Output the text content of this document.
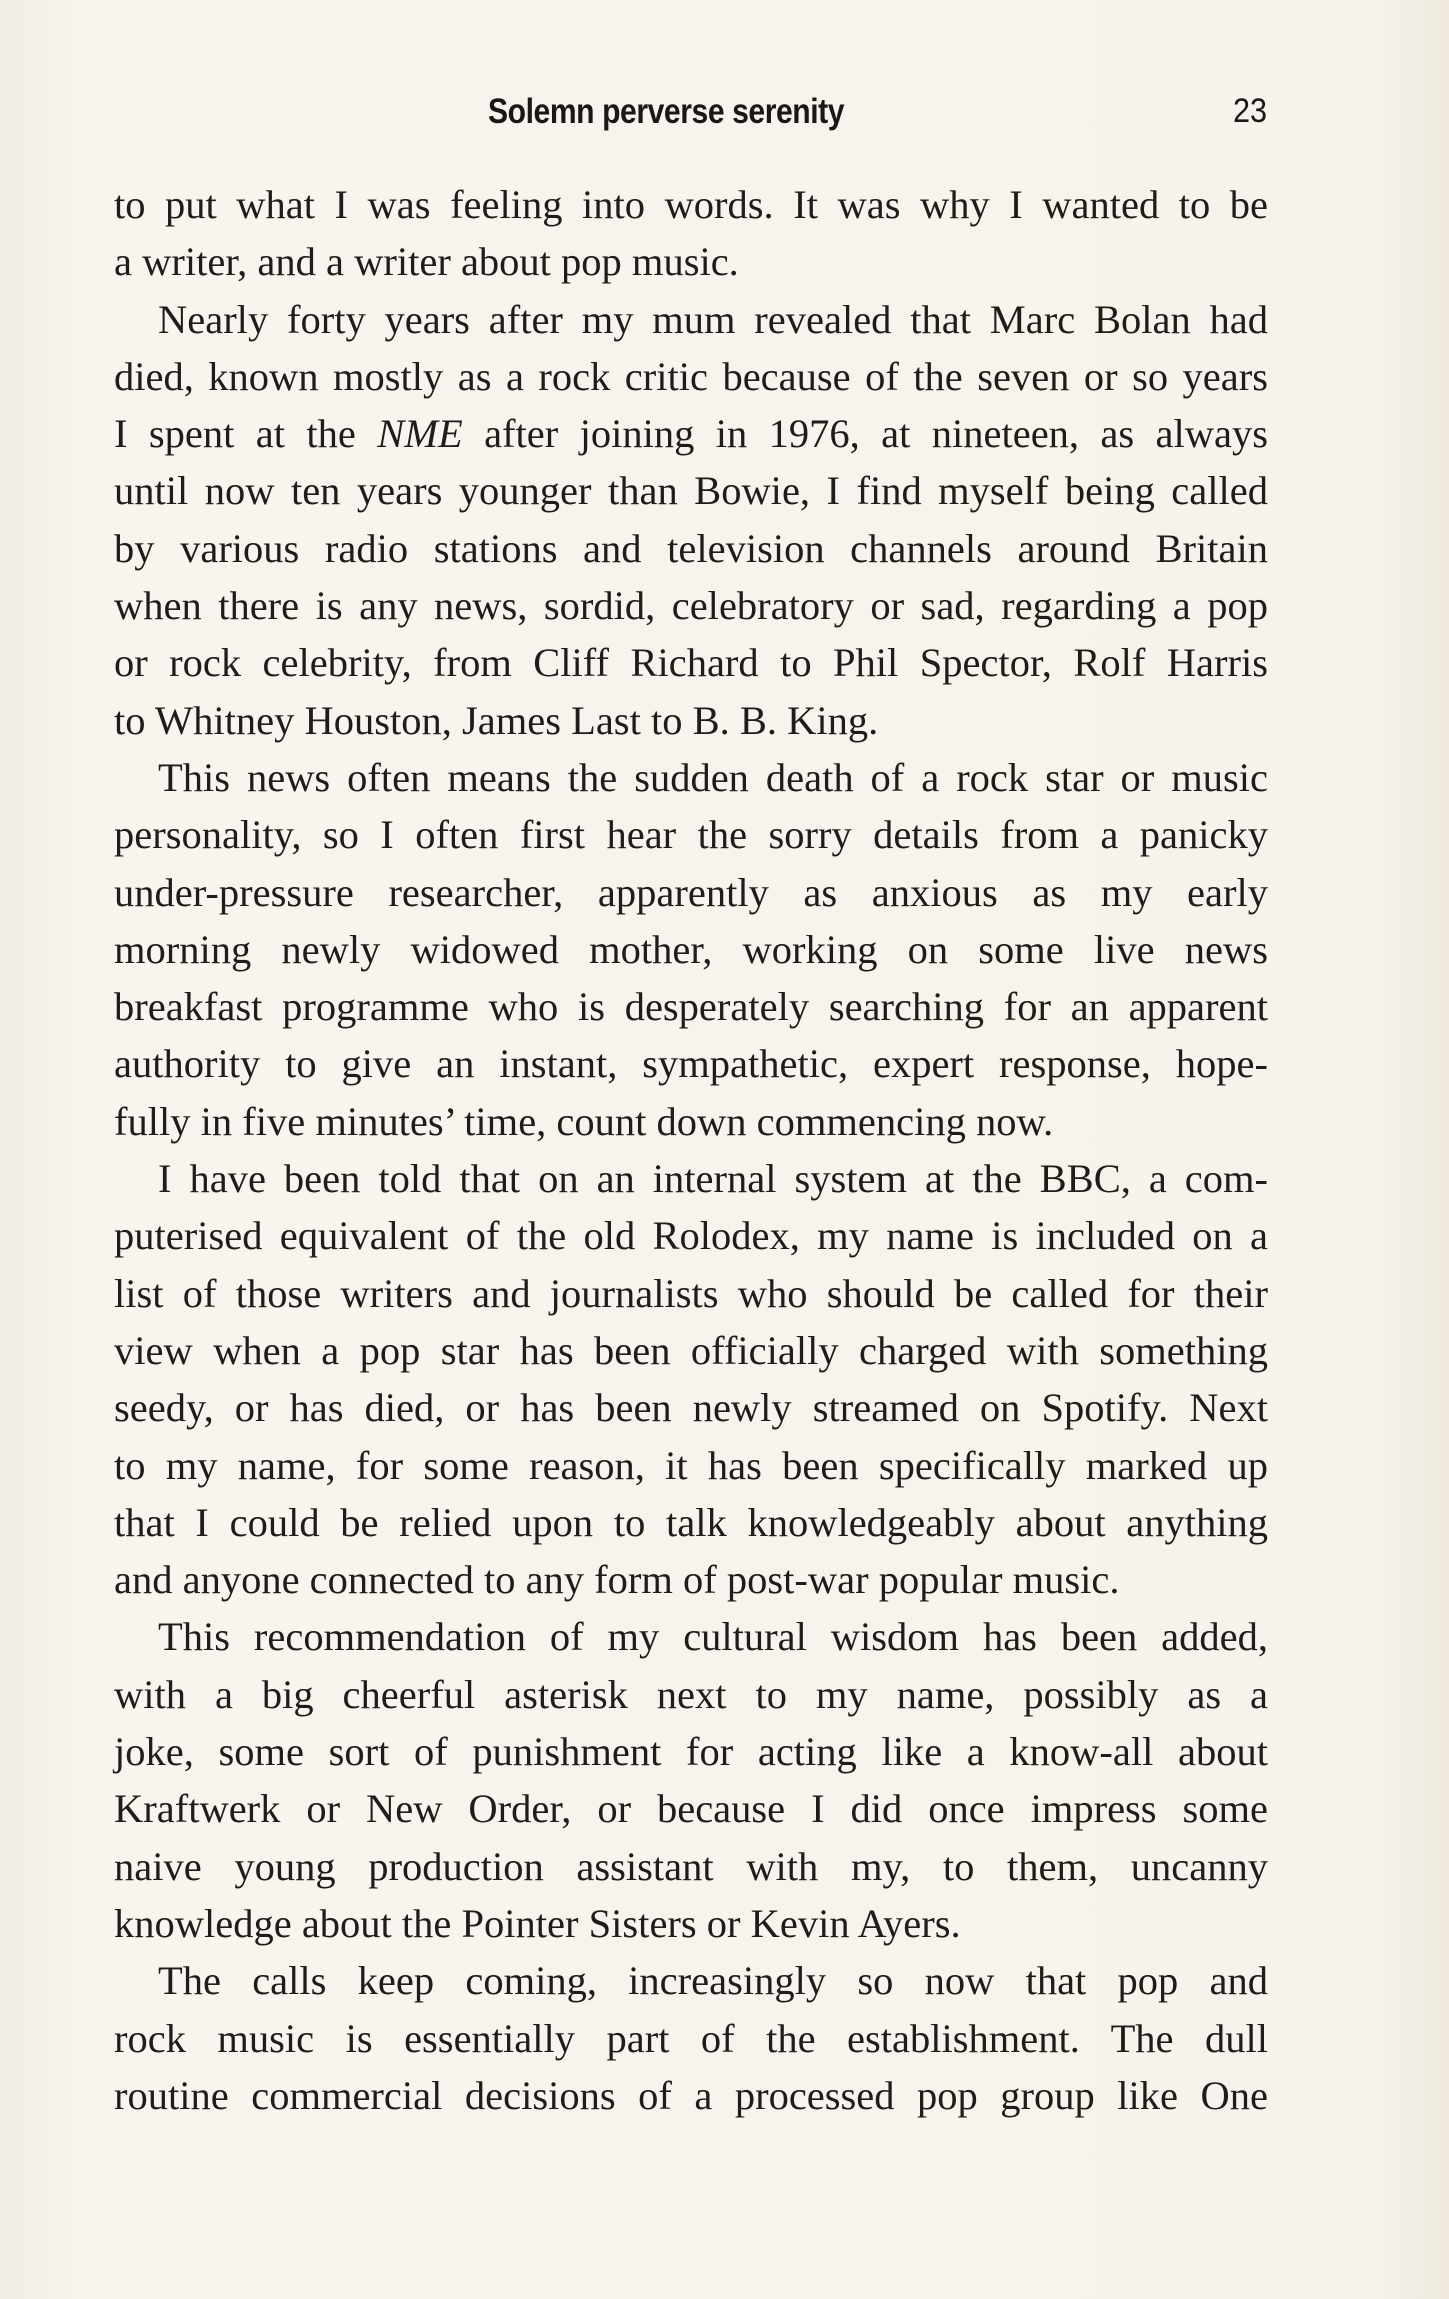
Solemn perverse serenity	23
to put what I was feeling into words. It was why I wanted to be
a writer, and a writer about pop music.
Nearly forty years after my mum revealed that Marc Bolan had
died, known mostly as a rock critic because of the seven or so years
I spent at the NME after joining in 1976, at nineteen, as always
until now ten years younger than Bowie, I find myself being called
by various radio stations and television channels around Britain
when there is any news, sordid, celebratory or sad, regarding a pop
or rock celebrity, from Cliff Richard to Phil Spector, Rolf Harris
to Whitney Houston, James Last to B. B. King.
This news often means the sudden death of a rock star or music
personality, so I often first hear the sorry details from a panicky
under-pressure researcher, apparently as anxious as my early
morning newly widowed mother, working on some live news
breakfast programme who is desperately searching for an apparent
authority to give an instant, sympathetic, expert response, hope-
fully in five minutes’ time, count down commencing now.
I have been told that on an internal system at the BBC, a com-
puterised equivalent of the old Rolodex, my name is included on a
list of those writers and journalists who should be called for their
view when a pop star has been officially charged with something
seedy, or has died, or has been newly streamed on Spotify. Next
to my name, for some reason, it has been specifically marked up
that I could be relied upon to talk knowledgeably about anything
and anyone connected to any form of post-war popular music.
This recommendation of my cultural wisdom has been added,
with a big cheerful asterisk next to my name, possibly as a
joke, some sort of punishment for acting like a know-all about
Kraftwerk or New Order, or because I did once impress some
naive young production assistant with my, to them, uncanny
knowledge about the Pointer Sisters or Kevin Ayers.
The calls keep coming, increasingly so now that pop and
rock music is essentially part of the establishment. The dull
routine commercial decisions of a processed pop group like One
